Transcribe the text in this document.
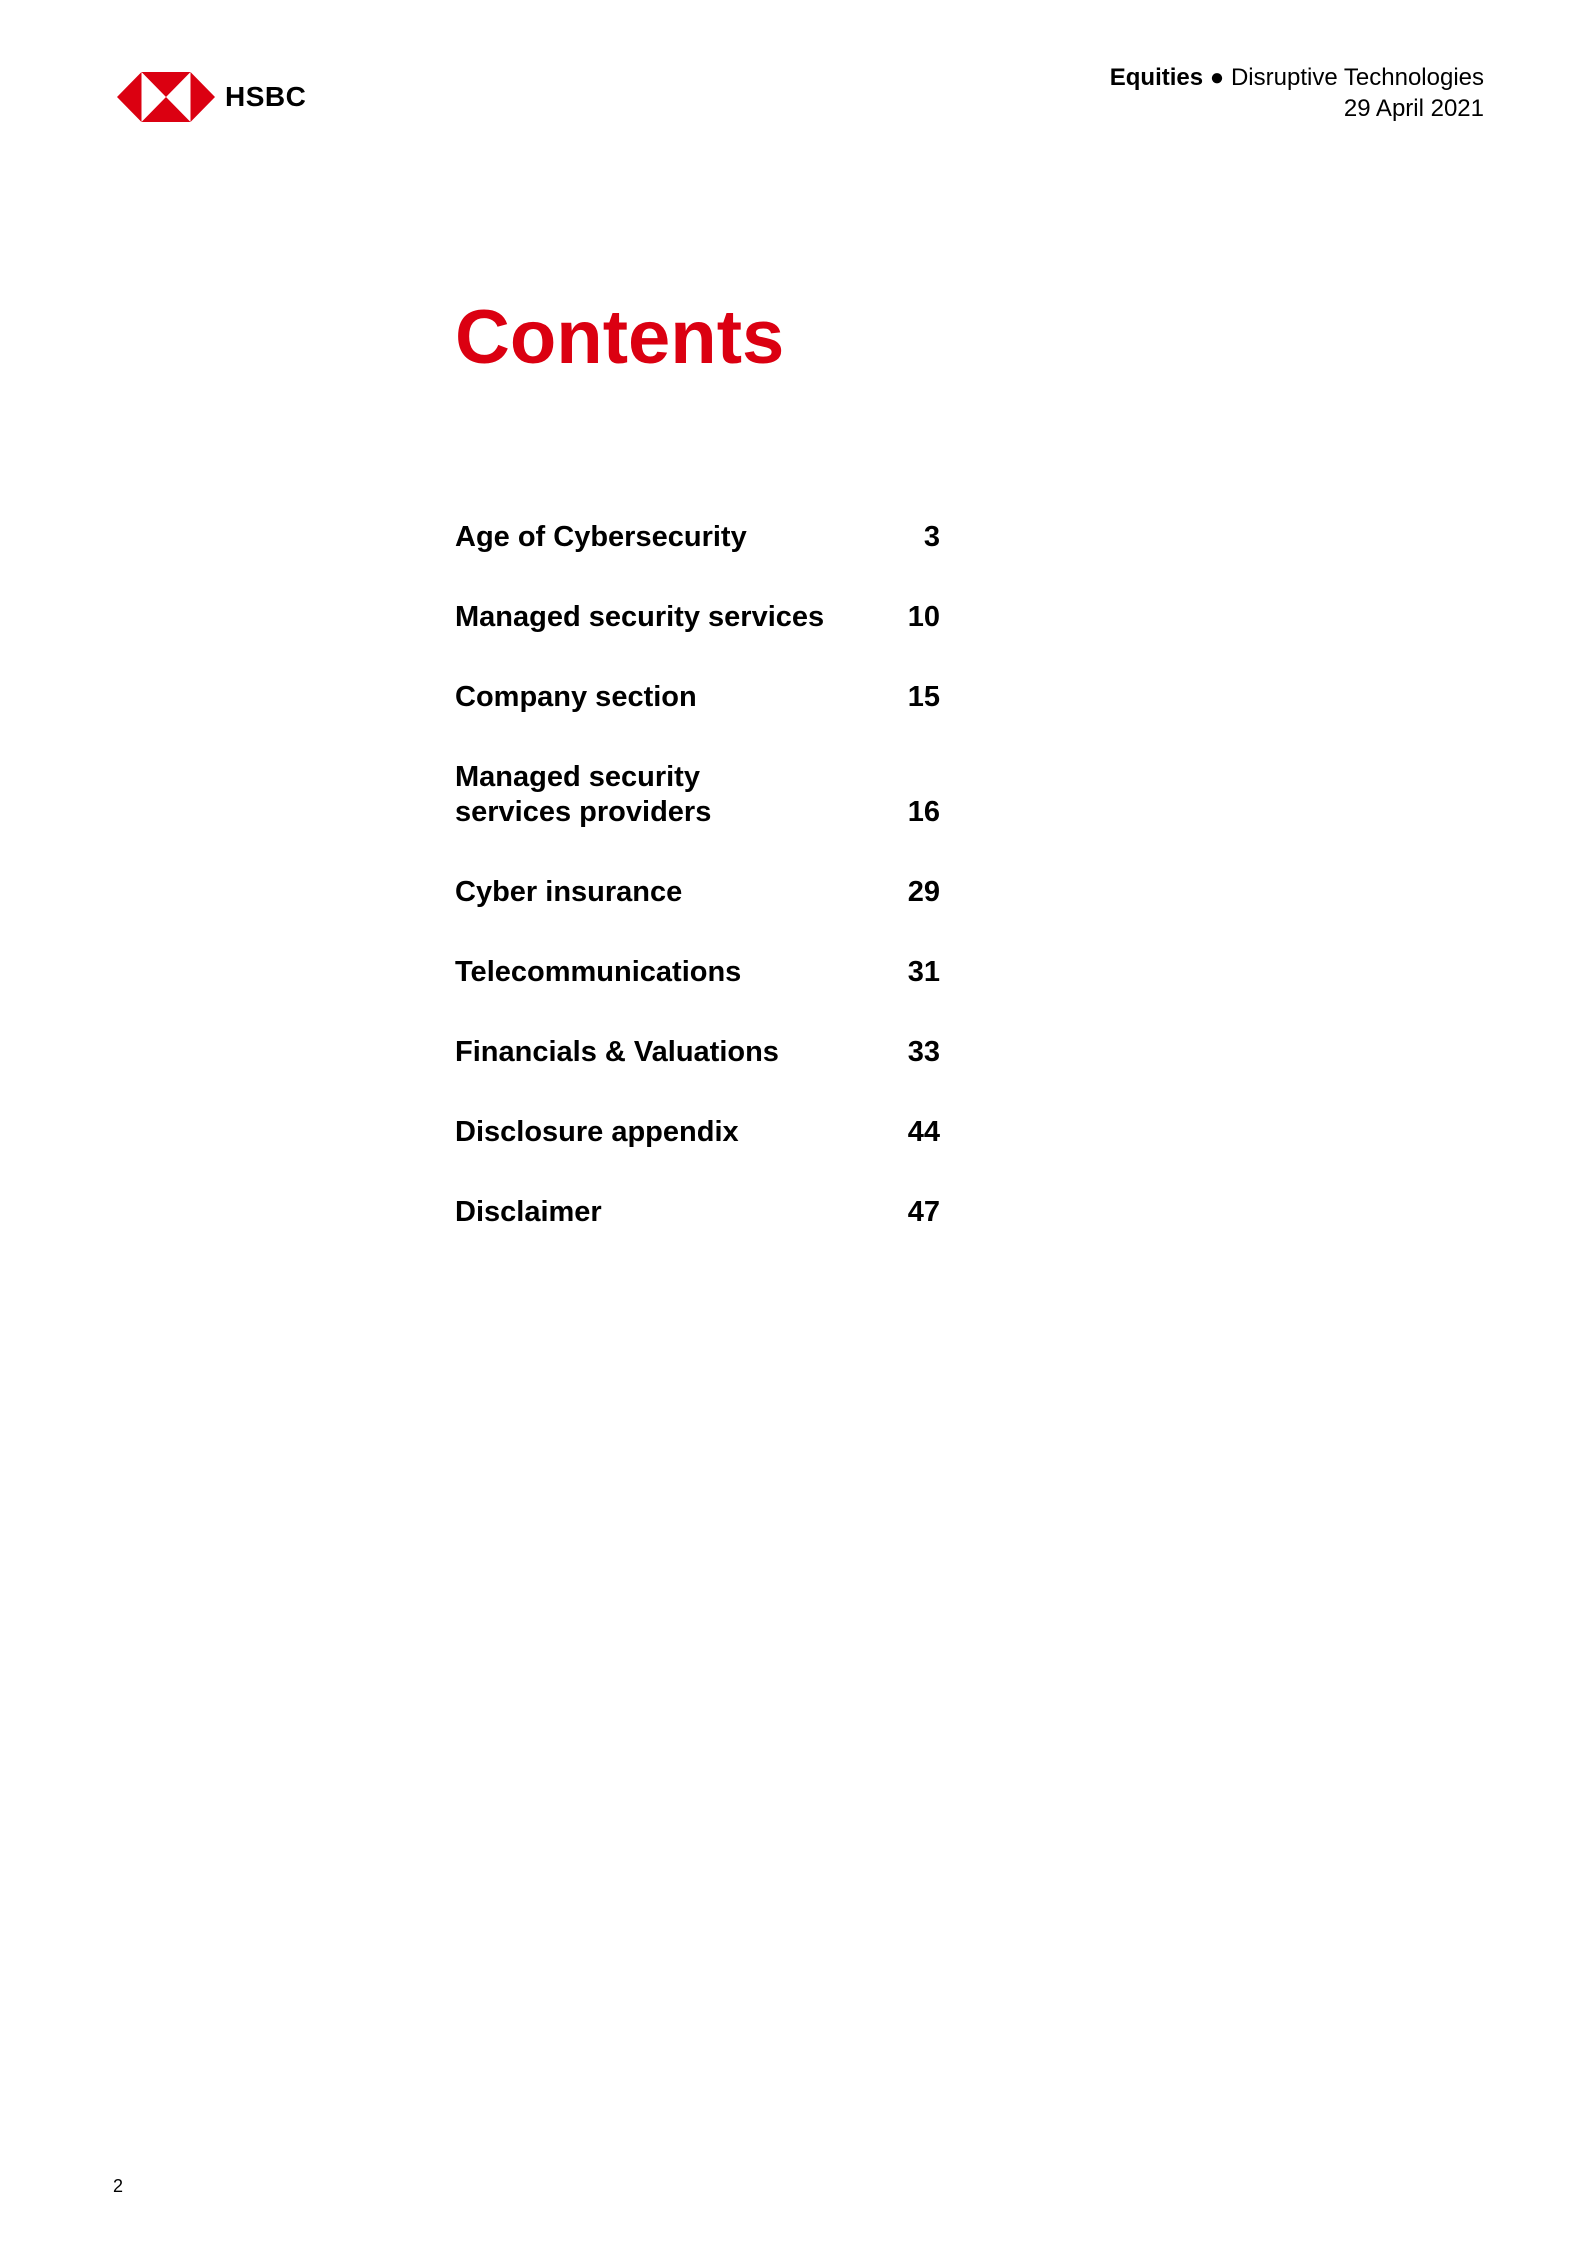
HSBC
Equities ● Disruptive Technologies
29 April 2021
Contents
Age of Cybersecurity	3
Managed security services	10
Company section	15
Managed security services providers	16
Cyber insurance	29
Telecommunications	31
Financials & Valuations	33
Disclosure appendix	44
Disclaimer	47
2
